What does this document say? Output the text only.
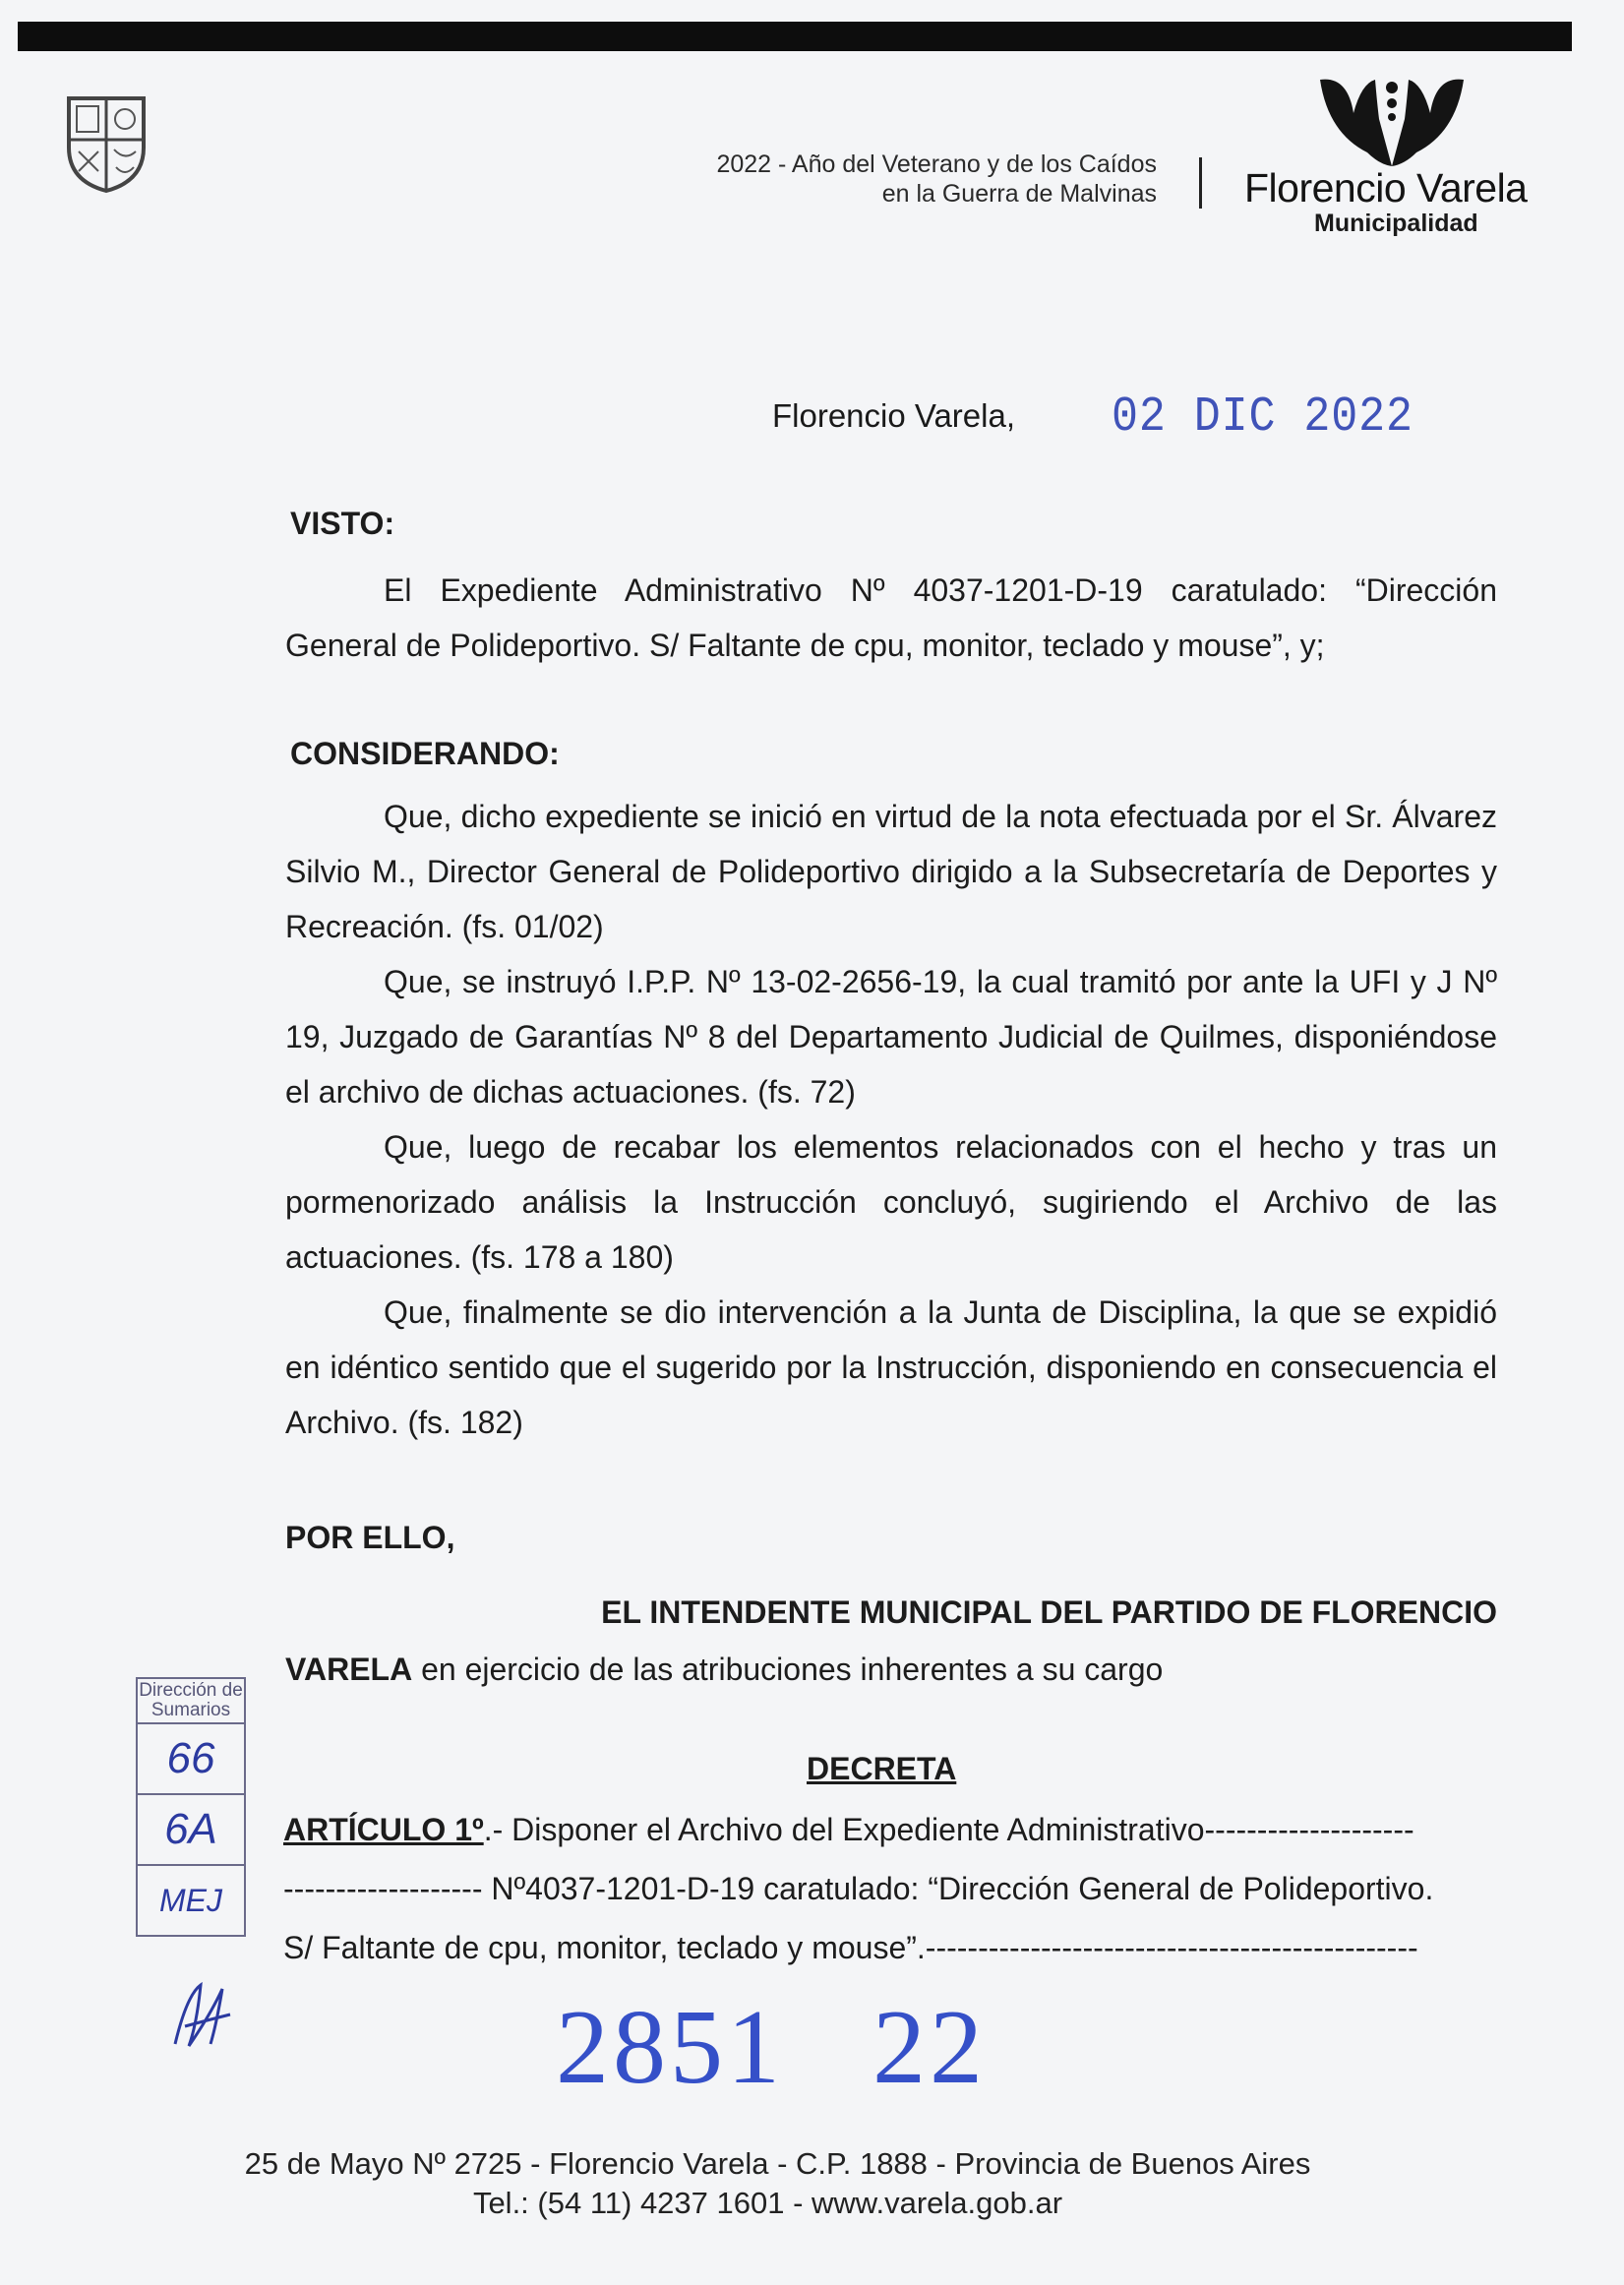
2022 - Año del Veterano y de los Caídos
en la Guerra de Malvinas Florencio Varela
Municipalidad
Florencio Varela, 02 DIC 2022
VISTO:

El Expediente Administrativo Nº 4037-1201-D-19 caratulado: “Dirección General de Polideportivo. S/ Faltante de cpu, monitor, teclado y mouse”, y;

CONSIDERANDO:

Que, dicho expediente se inició en virtud de la nota efectuada por el Sr. Álvarez Silvio M., Director General de Polideportivo dirigido a la Subsecretaría de Deportes y Recreación. (fs. 01/02)

Que, se instruyó I.P.P. Nº 13-02-2656-19, la cual tramitó por ante la UFI y J Nº 19, Juzgado de Garantías Nº 8 del Departamento Judicial de Quilmes, disponiéndose el archivo de dichas actuaciones. (fs. 72)

Que, luego de recabar los elementos relacionados con el hecho y tras un pormenorizado análisis la Instrucción concluyó, sugiriendo el Archivo de las actuaciones. (fs. 178 a 180)

Que, finalmente se dio intervención a la Junta de Disciplina, la que se expidió en idéntico sentido que el sugerido por la Instrucción, disponiendo en consecuencia el Archivo. (fs. 182)

POR ELLO,
EL INTENDENTE MUNICIPAL DEL PARTIDO DE FLORENCIO
VARELA en ejercicio de las atribuciones inherentes a su cargo
DECRETA
ARTÍCULO 1º.- Disponer el Archivo del Expediente Administrativo--------------------
------------------- Nº4037-1201-D-19 caratulado: “Dirección General de Polideportivo.
S/ Faltante de cpu, monitor, teclado y mouse”.-----------------------------------------------
Dirección de Sumarios
66
6A
MEJ
2851 22
25 de Mayo Nº 2725 - Florencio Varela - C.P. 1888 - Provincia de Buenos Aires
Tel.: (54 11) 4237 1601 - www.varela.gob.ar
